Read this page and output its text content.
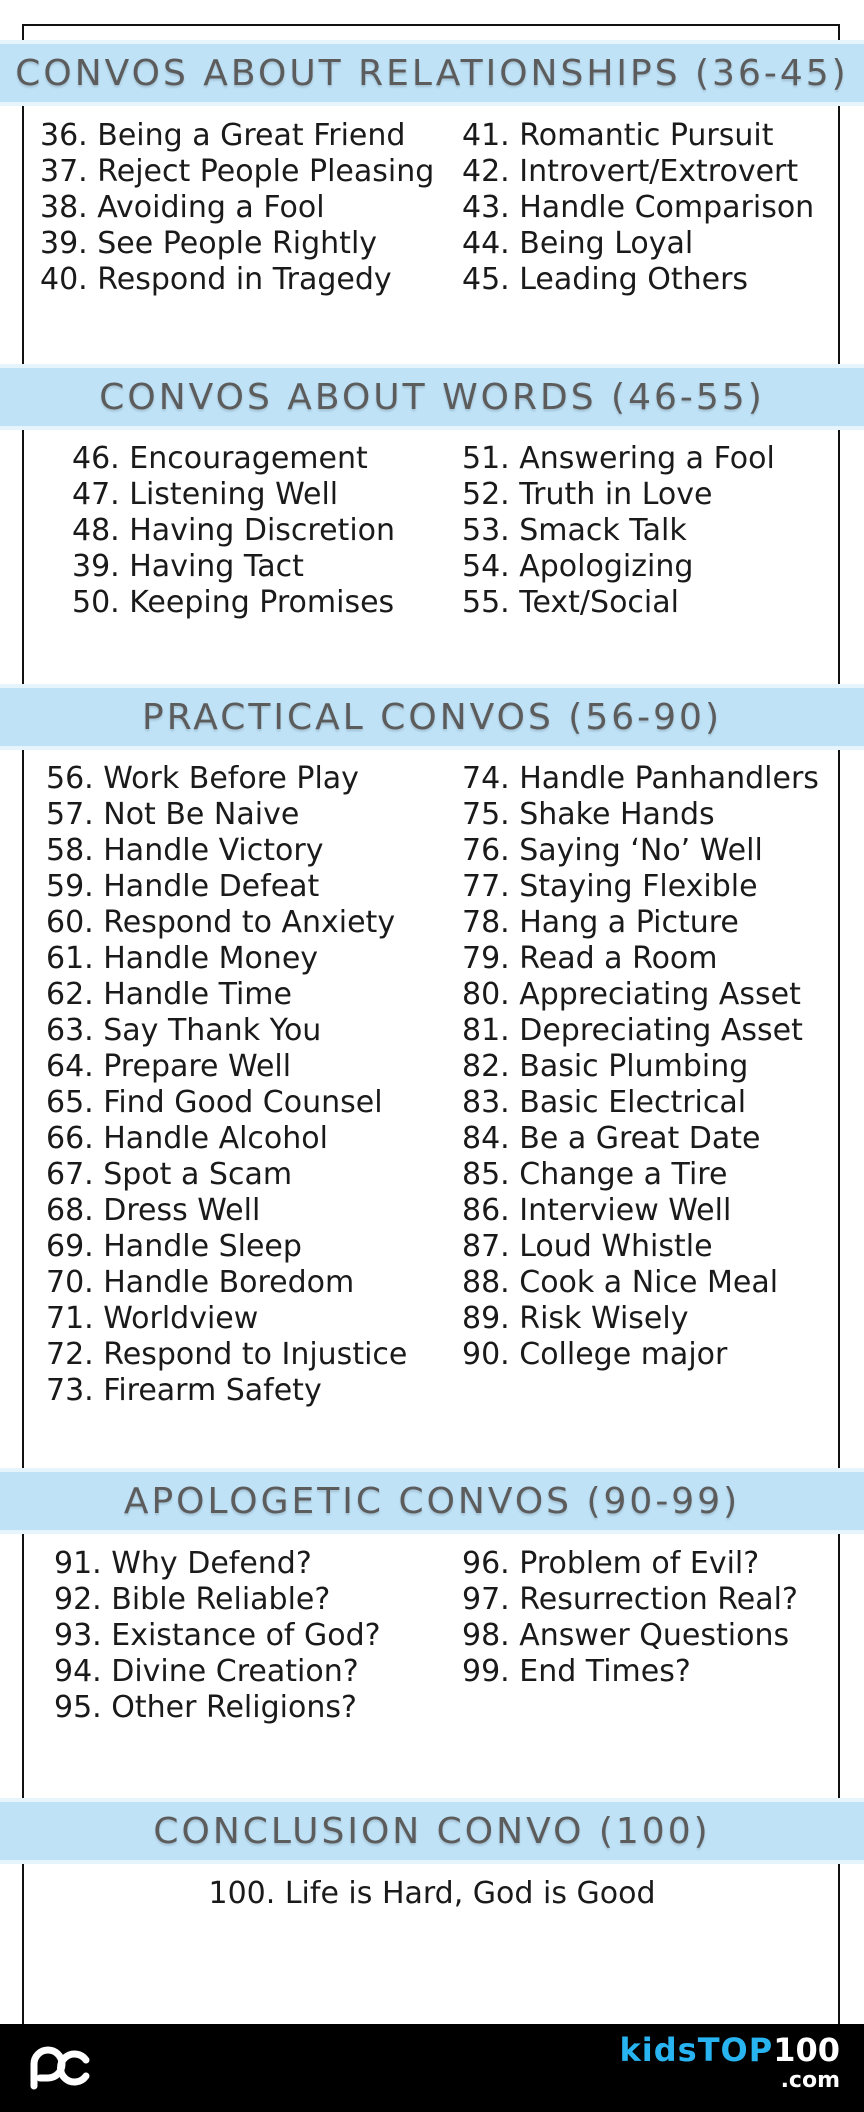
CONVOS ABOUT RELATIONSHIPS (36-45)
36. Being a Great Friend
37. Reject People Pleasing
38. Avoiding a Fool
39. See People Rightly
40. Respond in Tragedy
41. Romantic Pursuit
42. Introvert/Extrovert
43. Handle Comparison
44. Being Loyal
45. Leading Others
CONVOS ABOUT WORDS (46-55)
46. Encouragement
47. Listening Well
48. Having Discretion
39. Having Tact
50. Keeping Promises
51. Answering a Fool
52. Truth in Love
53. Smack Talk
54. Apologizing
55. Text/Social
PRACTICAL CONVOS (56-90)
56. Work Before Play
57. Not Be Naive
58. Handle Victory
59. Handle Defeat
60. Respond to Anxiety
61. Handle Money
62. Handle Time
63. Say Thank You
64. Prepare Well
65. Find Good Counsel
66. Handle Alcohol
67. Spot a Scam
68. Dress Well
69. Handle Sleep
70. Handle Boredom
71. Worldview
72. Respond to Injustice
73. Firearm Safety
74. Handle Panhandlers
75. Shake Hands
76. Saying ‘No’ Well
77. Staying Flexible
78. Hang a Picture
79. Read a Room
80. Appreciating Asset
81. Depreciating Asset
82. Basic Plumbing
83. Basic Electrical
84. Be a Great Date
85. Change a Tire
86. Interview Well
87. Loud Whistle
88. Cook a Nice Meal
89. Risk Wisely
90. College major
APOLOGETIC CONVOS (90-99)
91. Why Defend?
92. Bible Reliable?
93. Existance of God?
94. Divine Creation?
95. Other Religions?
96. Problem of Evil?
97. Resurrection Real?
98. Answer Questions
99. End Times?
CONCLUSION CONVO (100)
100. Life is Hard, God is Good
kidsTOP100
.com
